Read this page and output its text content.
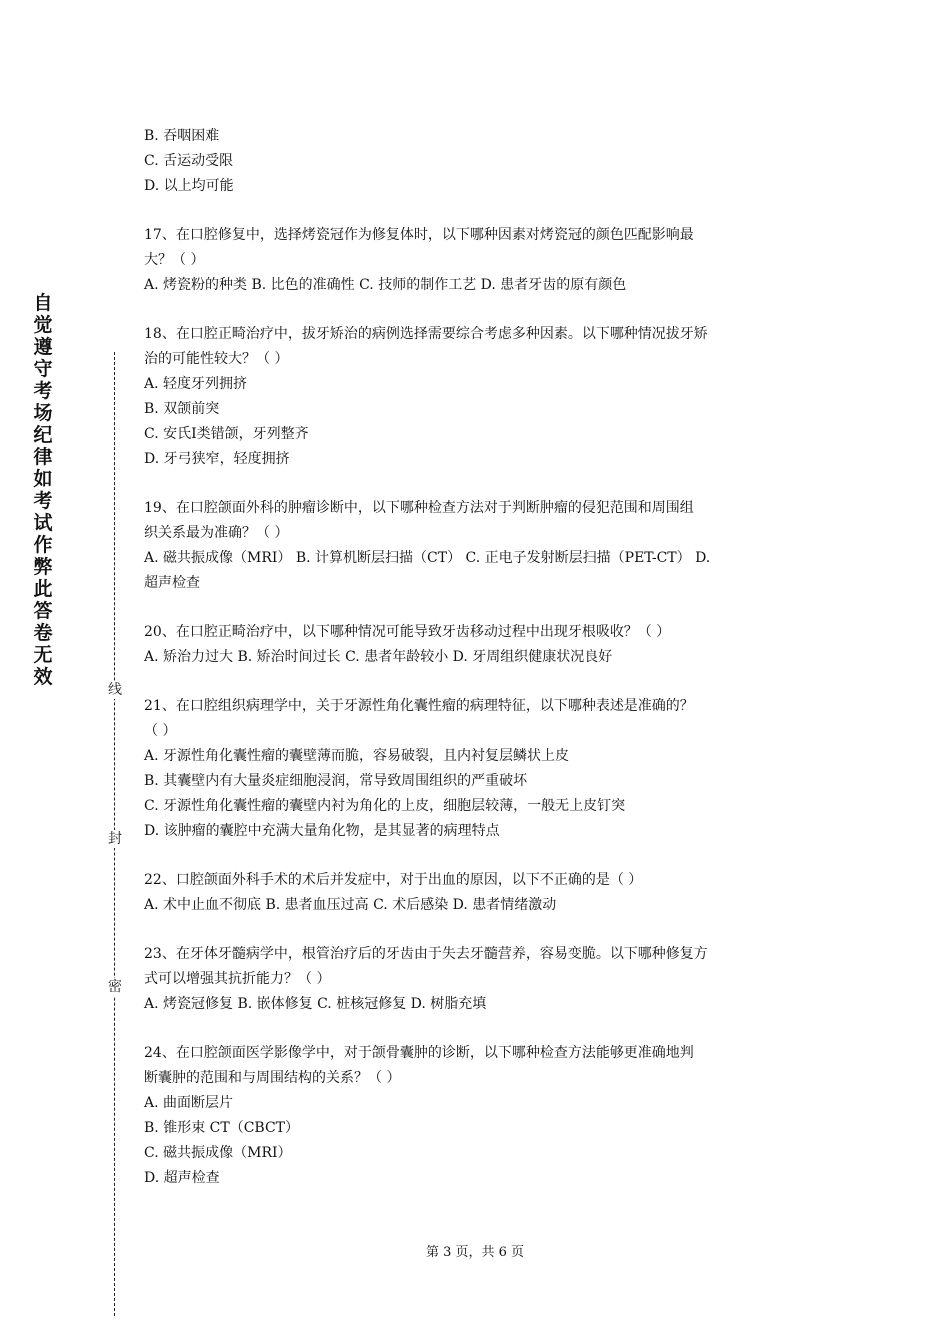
自觉遵守考场纪律如考试作弊此答卷无效
线
封
密
B. 吞咽困难
C. 舌运动受限
D. 以上均可能
17、在口腔修复中，选择烤瓷冠作为修复体时，以下哪种因素对烤瓷冠的颜色匹配影响最
大？（ ）
A. 烤瓷粉的种类 B. 比色的准确性 C. 技师的制作工艺 D. 患者牙齿的原有颜色
18、在口腔正畸治疗中，拔牙矫治的病例选择需要综合考虑多种因素。以下哪种情况拔牙矫
治的可能性较大？（ ）
A. 轻度牙列拥挤
B. 双颌前突
C. 安氏Ⅰ类错颌，牙列整齐
D. 牙弓狭窄，轻度拥挤
19、在口腔颌面外科的肿瘤诊断中，以下哪种检查方法对于判断肿瘤的侵犯范围和周围组
织关系最为准确？（ ）
A. 磁共振成像（MRI） B. 计算机断层扫描（CT） C. 正电子发射断层扫描（PET-CT） D.
超声检查
20、在口腔正畸治疗中，以下哪种情况可能导致牙齿移动过程中出现牙根吸收？（ ）
A. 矫治力过大 B. 矫治时间过长 C. 患者年龄较小 D. 牙周组织健康状况良好
21、在口腔组织病理学中，关于牙源性角化囊性瘤的病理特征，以下哪种表述是准确的？
（ ）
A. 牙源性角化囊性瘤的囊壁薄而脆，容易破裂，且内衬复层鳞状上皮
B. 其囊壁内有大量炎症细胞浸润，常导致周围组织的严重破坏
C. 牙源性角化囊性瘤的囊壁内衬为角化的上皮，细胞层较薄，一般无上皮钉突
D. 该肿瘤的囊腔中充满大量角化物，是其显著的病理特点
22、口腔颌面外科手术的术后并发症中，对于出血的原因，以下不正确的是（ ）
A. 术中止血不彻底 B. 患者血压过高 C. 术后感染 D. 患者情绪激动
23、在牙体牙髓病学中，根管治疗后的牙齿由于失去牙髓营养，容易变脆。以下哪种修复方
式可以增强其抗折能力？（ ）
A. 烤瓷冠修复 B. 嵌体修复 C. 桩核冠修复 D. 树脂充填
24、在口腔颌面医学影像学中，对于颌骨囊肿的诊断，以下哪种检查方法能够更准确地判
断囊肿的范围和与周围结构的关系？（ ）
A. 曲面断层片
B. 锥形束 CT（CBCT）
C. 磁共振成像（MRI）
D. 超声检查
第 3 页，共 6 页
